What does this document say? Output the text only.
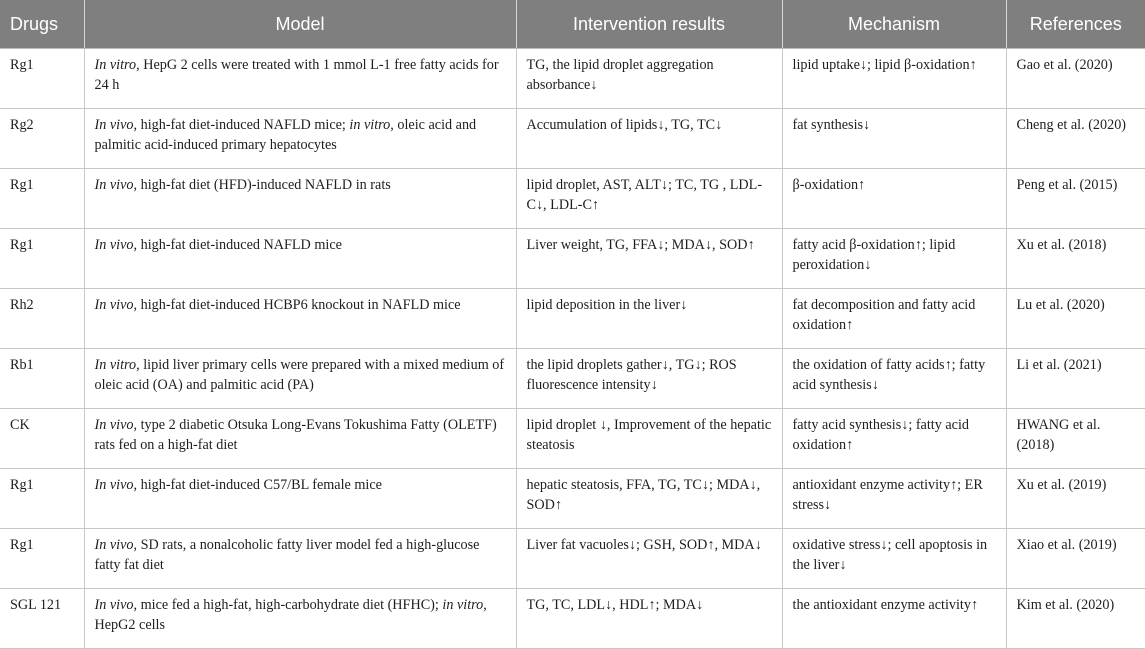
Drugs	Model	Intervention results	Mechanism	References
Rg1	In vitro, HepG 2 cells were treated with 1 mmol L-1 free fatty acids for 24 h	TG, the lipid droplet aggregation absorbance↓	lipid uptake↓; lipid β-oxidation↑	Gao et al. (2020)
Rg2	In vivo, high-fat diet-induced NAFLD mice; in vitro, oleic acid and palmitic acid-induced primary hepatocytes	Accumulation of lipids↓, TG, TC↓	fat synthesis↓	Cheng et al. (2020)
Rg1	In vivo, high-fat diet (HFD)-induced NAFLD in rats	lipid droplet, AST, ALT↓; TC, TG , LDL-C↓, LDL-C↑	β-oxidation↑	Peng et al. (2015)
Rg1	In vivo, high-fat diet-induced NAFLD mice	Liver weight, TG, FFA↓; MDA↓, SOD↑	fatty acid β-oxidation↑; lipid peroxidation↓	Xu et al. (2018)
Rh2	In vivo, high-fat diet-induced HCBP6 knockout in NAFLD mice	lipid deposition in the liver↓	fat decomposition and fatty acid oxidation↑	Lu et al. (2020)
Rb1	In vitro, lipid liver primary cells were prepared with a mixed medium of oleic acid (OA) and palmitic acid (PA)	the lipid droplets gather↓, TG↓; ROS fluorescence intensity↓	the oxidation of fatty acids↑; fatty acid synthesis↓	Li et al. (2021)
CK	In vivo, type 2 diabetic Otsuka Long-Evans Tokushima Fatty (OLETF) rats fed on a high-fat diet	lipid droplet ↓, Improvement of the hepatic steatosis	fatty acid synthesis↓; fatty acid oxidation↑	HWANG et al. (2018)
Rg1	In vivo, high-fat diet-induced C57/BL female mice	hepatic steatosis, FFA, TG, TC↓; MDA↓, SOD↑	antioxidant enzyme activity↑; ER stress↓	Xu et al. (2019)
Rg1	In vivo, SD rats, a nonalcoholic fatty liver model fed a high-glucose fatty fat diet	Liver fat vacuoles↓; GSH, SOD↑, MDA↓	oxidative stress↓; cell apoptosis in the liver↓	Xiao et al. (2019)
SGL 121	In vivo, mice fed a high-fat, high-carbohydrate diet (HFHC); in vitro, HepG2 cells	TG, TC, LDL↓, HDL↑; MDA↓	the antioxidant enzyme activity↑	Kim et al. (2020)
